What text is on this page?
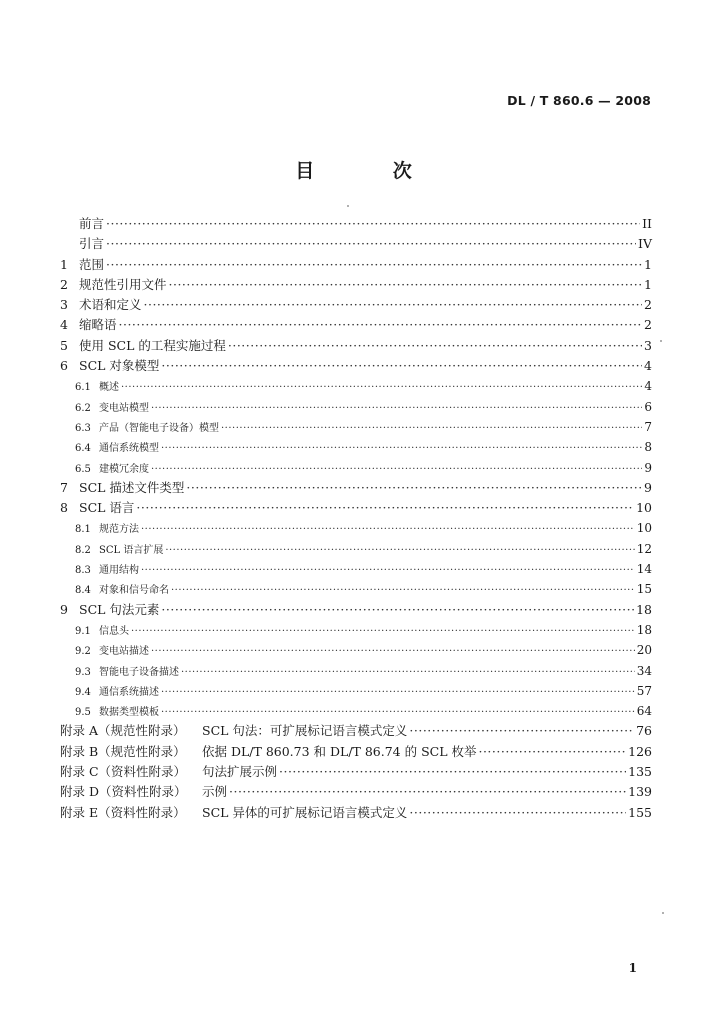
DL / T 860.6 — 2008
目 次
前言 ·····	II
引言 ·····	IV
1 范围 ·····	1
2 规范性引用文件 ·····	1
3 术语和定义 ·····	2
4 缩略语 ·····	2
5 使用 SCL 的工程实施过程 ·····	3
6 SCL 对象模型 ·····	4
6.1 概述 ·····	4
6.2 变电站模型 ·····	6
6.3 产品（智能电子设备）模型 ·····	7
6.4 通信系统模型 ·····	8
6.5 建模冗余度 ·····	9
7 SCL 描述文件类型 ·····	9
8 SCL 语言 ·····	10
8.1 规范方法 ·····	10
8.2 SCL 语言扩展 ·····	12
8.3 通用结构 ·····	14
8.4 对象和信号命名 ·····	15
9 SCL 句法元素 ·····	18
9.1 信息头 ·····	18
9.2 变电站描述 ·····	20
9.3 智能电子设备描述 ·····	34
9.4 通信系统描述 ·····	57
9.5 数据类型模板 ·····	64
附录 A（规范性附录）	SCL 句法：可扩展标记语言模式定义 ·····	76
附录 B（规范性附录）	依据 DL/T 860.73 和 DL/T 86.74 的 SCL 枚举 ·····	126
附录 C（资料性附录）	句法扩展示例 ·····	135
附录 D（资料性附录）	示例 ·····	139
附录 E（资料性附录）	SCL 异体的可扩展标记语言模式定义 ·····	155
1
